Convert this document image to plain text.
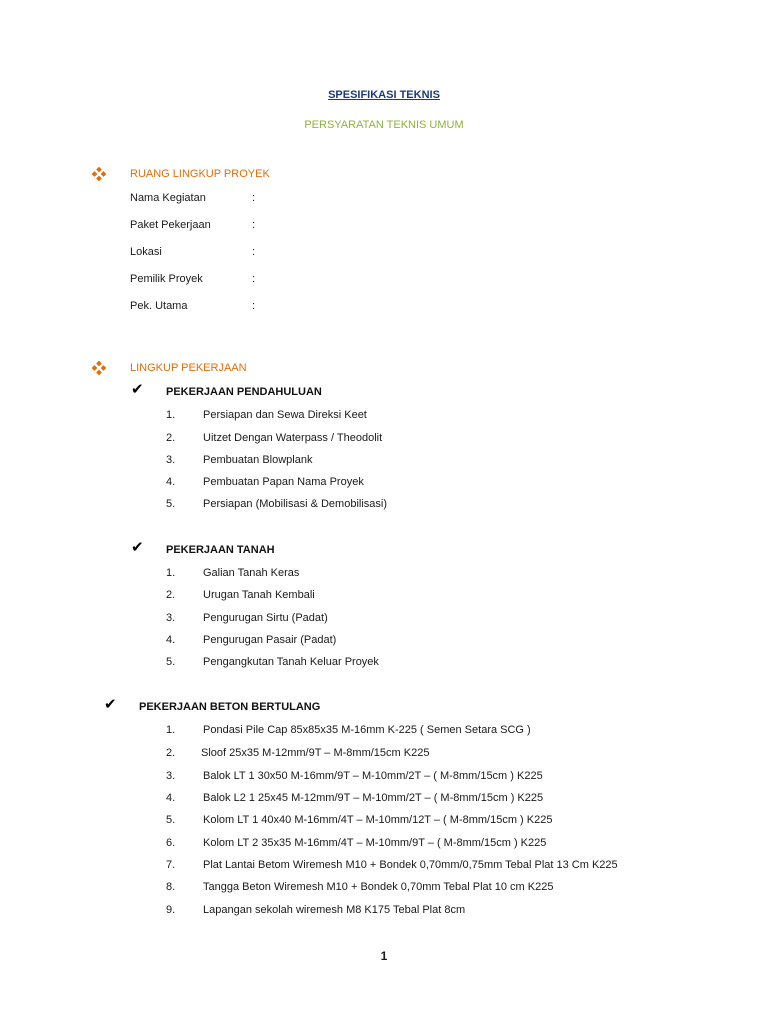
SPESIFIKASI TEKNIS
PERSYARATAN TEKNIS UMUM
RUANG LINGKUP PROYEK
Nama Kegiatan	:
Paket Pekerjaan	:
Lokasi	:
Pemilik Proyek	:
Pek. Utama	:
LINGKUP PEKERJAAN
✔ PEKERJAAN PENDAHULUAN
1.	Persiapan dan Sewa Direksi Keet
2.	Uitzet Dengan Waterpass / Theodolit
3.	Pembuatan Blowplank
4.	Pembuatan Papan Nama Proyek
5.	Persiapan (Mobilisasi & Demobilisasi)
✔ PEKERJAAN TANAH
1.	Galian Tanah Keras
2.	Urugan Tanah Kembali
3.	Pengurugan Sirtu (Padat)
4.	Pengurugan Pasair (Padat)
5.	Pengangkutan Tanah Keluar Proyek
✔ PEKERJAAN BETON BERTULANG
1.	Pondasi Pile Cap 85x85x35 M-16mm K-225 ( Semen Setara SCG )
2. Sloof 25x35 M-12mm/9T – M-8mm/15cm K225
3.	Balok LT 1 30x50 M-16mm/9T – M-10mm/2T – ( M-8mm/15cm ) K225
4.	Balok L2 1 25x45 M-12mm/9T – M-10mm/2T – ( M-8mm/15cm ) K225
5.	Kolom LT 1 40x40 M-16mm/4T – M-10mm/12T – ( M-8mm/15cm ) K225
6.	Kolom LT 2 35x35 M-16mm/4T – M-10mm/9T – ( M-8mm/15cm ) K225
7.	Plat Lantai Betom Wiremesh M10 + Bondek 0,70mm/0,75mm Tebal Plat 13 Cm K225
8.	Tangga Beton Wiremesh M10 + Bondek 0,70mm Tebal Plat 10 cm K225
9.	Lapangan sekolah wiremesh M8 K175 Tebal Plat 8cm
1
